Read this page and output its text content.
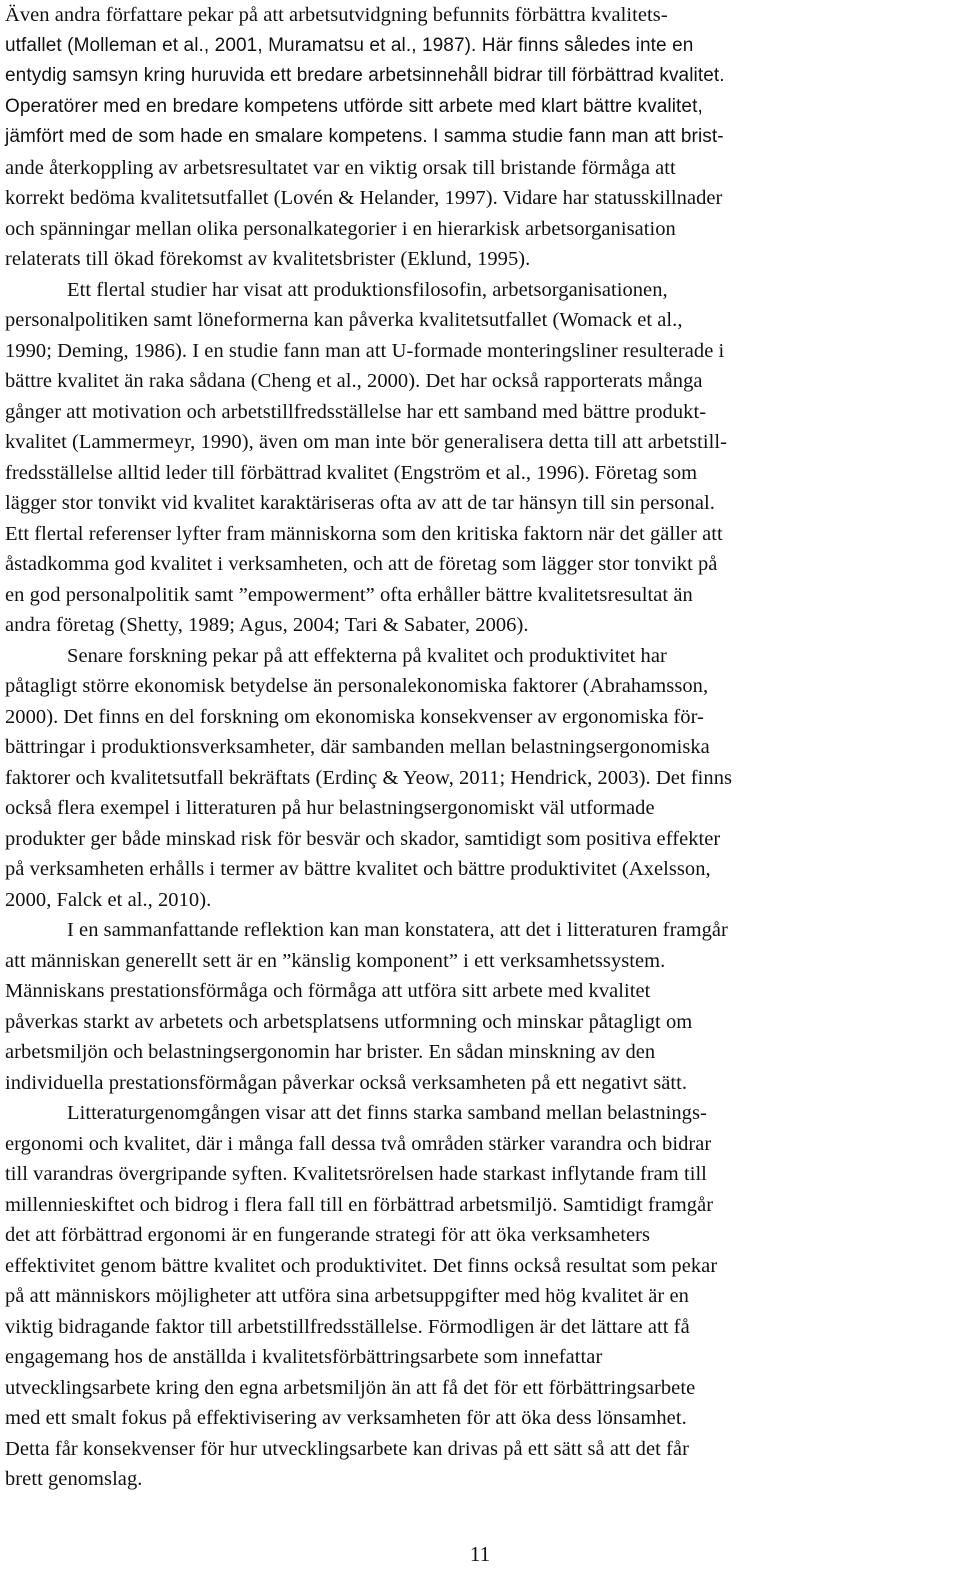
Även andra författare pekar på att arbetsutvidgning befunnits förbättra kvalitets-
utfallet (Molleman et al., 2001, Muramatsu et al., 1987). Här finns således inte en
entydig samsyn kring huruvida ett bredare arbetsinnehåll bidrar till förbättrad kvalitet.
Operatörer med en bredare kompetens utförde sitt arbete med klart bättre kvalitet,
jämfört med de som hade en smalare kompetens. I samma studie fann man att brist-
ande återkoppling av arbetsresultatet var en viktig orsak till bristande förmåga att
korrekt bedöma kvalitetsutfallet (Lovén & Helander, 1997). Vidare har statusskillnader
och spänningar mellan olika personalkategorier i en hierarkisk arbetsorganisation
relaterats till ökad förekomst av kvalitetsbrister (Eklund, 1995).
Ett flertal studier har visat att produktionsfilosofin, arbetsorganisationen,
personalpolitiken samt löneformerna kan påverka kvalitetsutfallet (Womack et al.,
1990; Deming, 1986). I en studie fann man att U-formade monteringsliner resulterade i
bättre kvalitet än raka sådana (Cheng et al., 2000). Det har också rapporterats många
gånger att motivation och arbetstillfredsställelse har ett samband med bättre produkt-
kvalitet (Lammermeyr, 1990), även om man inte bör generalisera detta till att arbetstill-
fredsställelse alltid leder till förbättrad kvalitet (Engström et al., 1996). Företag som
lägger stor tonvikt vid kvalitet karaktäriseras ofta av att de tar hänsyn till sin personal.
Ett flertal referenser lyfter fram människorna som den kritiska faktorn när det gäller att
åstadkomma god kvalitet i verksamheten, och att de företag som lägger stor tonvikt på
en god personalpolitik samt ”empowerment” ofta erhåller bättre kvalitetsresultat än
andra företag (Shetty, 1989; Agus, 2004; Tari & Sabater, 2006).
Senare forskning pekar på att effekterna på kvalitet och produktivitet har
påtagligt större ekonomisk betydelse än personalekonomiska faktorer (Abrahamsson,
2000). Det finns en del forskning om ekonomiska konsekvenser av ergonomiska för-
bättringar i produktionsverksamheter, där sambanden mellan belastningsergonomiska
faktorer och kvalitetsutfall bekräftats (Erdinç & Yeow, 2011; Hendrick, 2003). Det finns
också flera exempel i litteraturen på hur belastningsergonomiskt väl utformade
produkter ger både minskad risk för besvär och skador, samtidigt som positiva effekter
på verksamheten erhålls i termer av bättre kvalitet och bättre produktivitet (Axelsson,
2000, Falck et al., 2010).
I en sammanfattande reflektion kan man konstatera, att det i litteraturen framgår
att människan generellt sett är en ”känslig komponent” i ett verksamhetssystem.
Människans prestationsförmåga och förmåga att utföra sitt arbete med kvalitet
påverkas starkt av arbetets och arbetsplatsens utformning och minskar påtagligt om
arbetsmiljön och belastningsergonomin har brister. En sådan minskning av den
individuella prestationsförmågan påverkar också verksamheten på ett negativt sätt.
Litteraturgenomgången visar att det finns starka samband mellan belastnings-
ergonomi och kvalitet, där i många fall dessa två områden stärker varandra och bidrar
till varandras övergripande syften. Kvalitetsrörelsen hade starkast inflytande fram till
millennieskiftet och bidrog i flera fall till en förbättrad arbetsmiljö. Samtidigt framgår
det att förbättrad ergonomi är en fungerande strategi för att öka verksamheters
effektivitet genom bättre kvalitet och produktivitet. Det finns också resultat som pekar
på att människors möjligheter att utföra sina arbetsuppgifter med hög kvalitet är en
viktig bidragande faktor till arbetstillfredsställelse. Förmodligen är det lättare att få
engagemang hos de anställda i kvalitetsförbättringsarbete som innefattar
utvecklingsarbete kring den egna arbetsmiljön än att få det för ett förbättringsarbete
med ett smalt fokus på effektivisering av verksamheten för att öka dess lönsamhet.
Detta får konsekvenser för hur utvecklingsarbete kan drivas på ett sätt så att det får
brett genomslag.
11
